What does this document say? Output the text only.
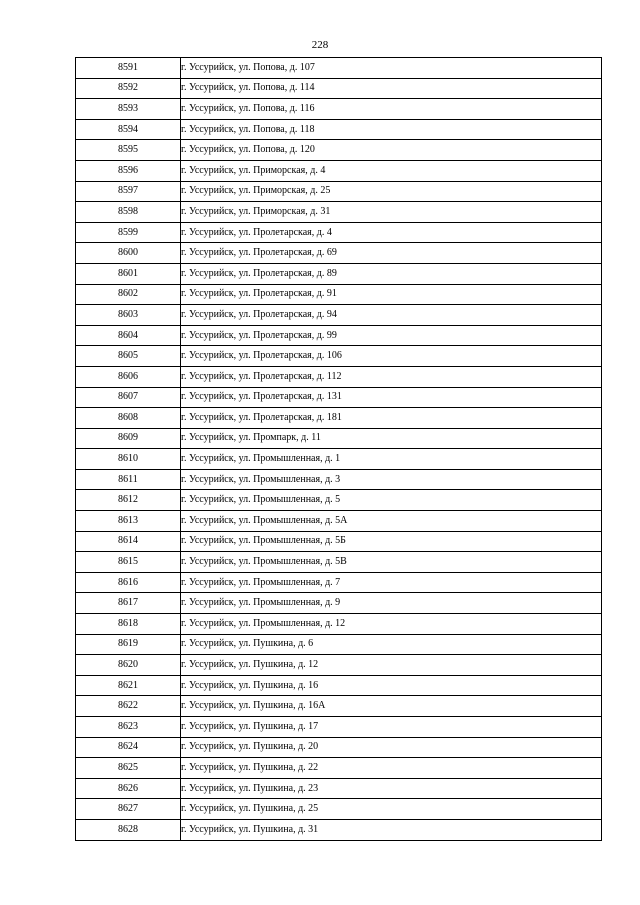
228
8591	г. Уссурийск, ул. Попова, д. 107
8592	г. Уссурийск, ул. Попова, д. 114
8593	г. Уссурийск, ул. Попова, д. 116
8594	г. Уссурийск, ул. Попова, д. 118
8595	г. Уссурийск, ул. Попова, д. 120
8596	г. Уссурийск, ул. Приморская, д. 4
8597	г. Уссурийск, ул. Приморская, д. 25
8598	г. Уссурийск, ул. Приморская, д. 31
8599	г. Уссурийск, ул. Пролетарская, д. 4
8600	г. Уссурийск, ул. Пролетарская, д. 69
8601	г. Уссурийск, ул. Пролетарская, д. 89
8602	г. Уссурийск, ул. Пролетарская, д. 91
8603	г. Уссурийск, ул. Пролетарская, д. 94
8604	г. Уссурийск, ул. Пролетарская, д. 99
8605	г. Уссурийск, ул. Пролетарская, д. 106
8606	г. Уссурийск, ул. Пролетарская, д. 112
8607	г. Уссурийск, ул. Пролетарская, д. 131
8608	г. Уссурийск, ул. Пролетарская, д. 181
8609	г. Уссурийск, ул. Промпарк, д. 11
8610	г. Уссурийск, ул. Промышленная, д. 1
8611	г. Уссурийск, ул. Промышленная, д. 3
8612	г. Уссурийск, ул. Промышленная, д. 5
8613	г. Уссурийск, ул. Промышленная, д. 5А
8614	г. Уссурийск, ул. Промышленная, д. 5Б
8615	г. Уссурийск, ул. Промышленная, д. 5В
8616	г. Уссурийск, ул. Промышленная, д. 7
8617	г. Уссурийск, ул. Промышленная, д. 9
8618	г. Уссурийск, ул. Промышленная, д. 12
8619	г. Уссурийск, ул. Пушкина, д. 6
8620	г. Уссурийск, ул. Пушкина, д. 12
8621	г. Уссурийск, ул. Пушкина, д. 16
8622	г. Уссурийск, ул. Пушкина, д. 16А
8623	г. Уссурийск, ул. Пушкина, д. 17
8624	г. Уссурийск, ул. Пушкина, д. 20
8625	г. Уссурийск, ул. Пушкина, д. 22
8626	г. Уссурийск, ул. Пушкина, д. 23
8627	г. Уссурийск, ул. Пушкина, д. 25
8628	г. Уссурийск, ул. Пушкина, д. 31
